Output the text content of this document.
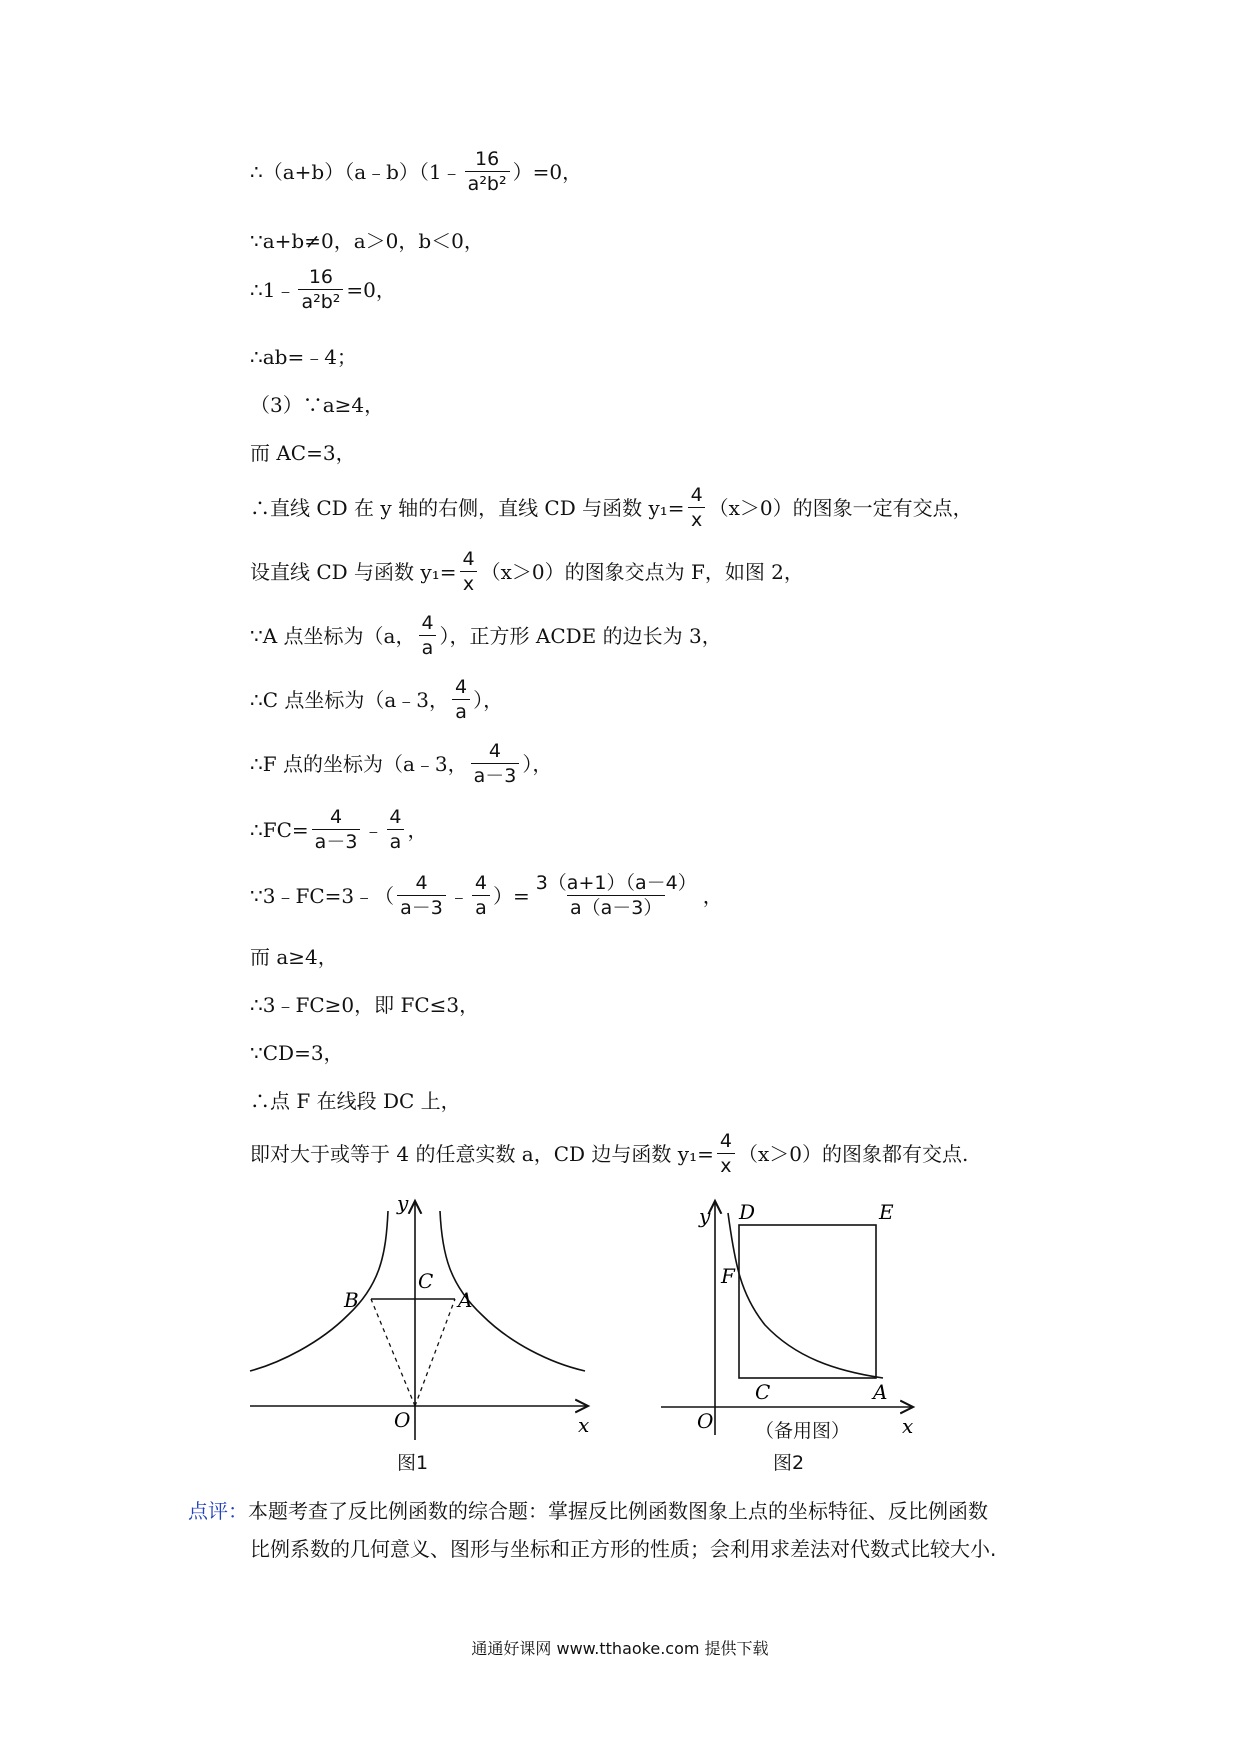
∴（a+b）（a﹣b）（1﹣ $\frac{16}{\text{a²b²}} )=0$，
∵a+b≠0，a＞0，b＜0，
∴1﹣ $\frac{16}{\text{a²b²}} =0$，
∴ab=﹣4；
（3）∵a≥4，
而 AC=3，
∴直线 CD 在 y 轴的右侧，直线 CD 与函数 $y_1= \frac{4}{x} (x>0)$的图象一定有交点，
设直线 CD 与函数 $y_1= \frac{4}{x} (x>0)$的图象交点为 F，如图 2，
∵A 点坐标为（a， $\frac{4}{a}$ ），正方形 ACDE 的边长为 3，
∴C 点坐标为（a﹣3， $\frac{4}{a}$ ），
∴F 点的坐标为（a﹣3， $\frac{4}{a-3}$ ），
∴FC= $\frac{4}{a-3}$ ﹣ $\frac{4}{a}$ ，
∵3﹣FC=3﹣（ $\frac{4}{a-3}$ ﹣ $\frac{4}{a}$ ）= $\frac{3(a+1)(a-4)}{a(a-3)}$ ，
而 a≥4，
∴3﹣FC≥0，即 FC≤3，
∵CD=3，
∴点 F 在线段 DC 上，
即对大于或等于 4 的任意实数 a，CD 边与函数 $y_1= \frac{4}{x} (x>0)$的图象都有交点.
y
x
O
B
C
A
图1
y
x
O
D	E
F
C	A
（备用图）
图2
点评：本题考查了反比例函数的综合题：掌握反比例函数图象上点的坐标特征、反比例函数
比例系数的几何意义、图形与坐标和正方形的性质；会利用求差法对代数式比较大小.
通通好课网 www.tthaoke.com 提供下载
